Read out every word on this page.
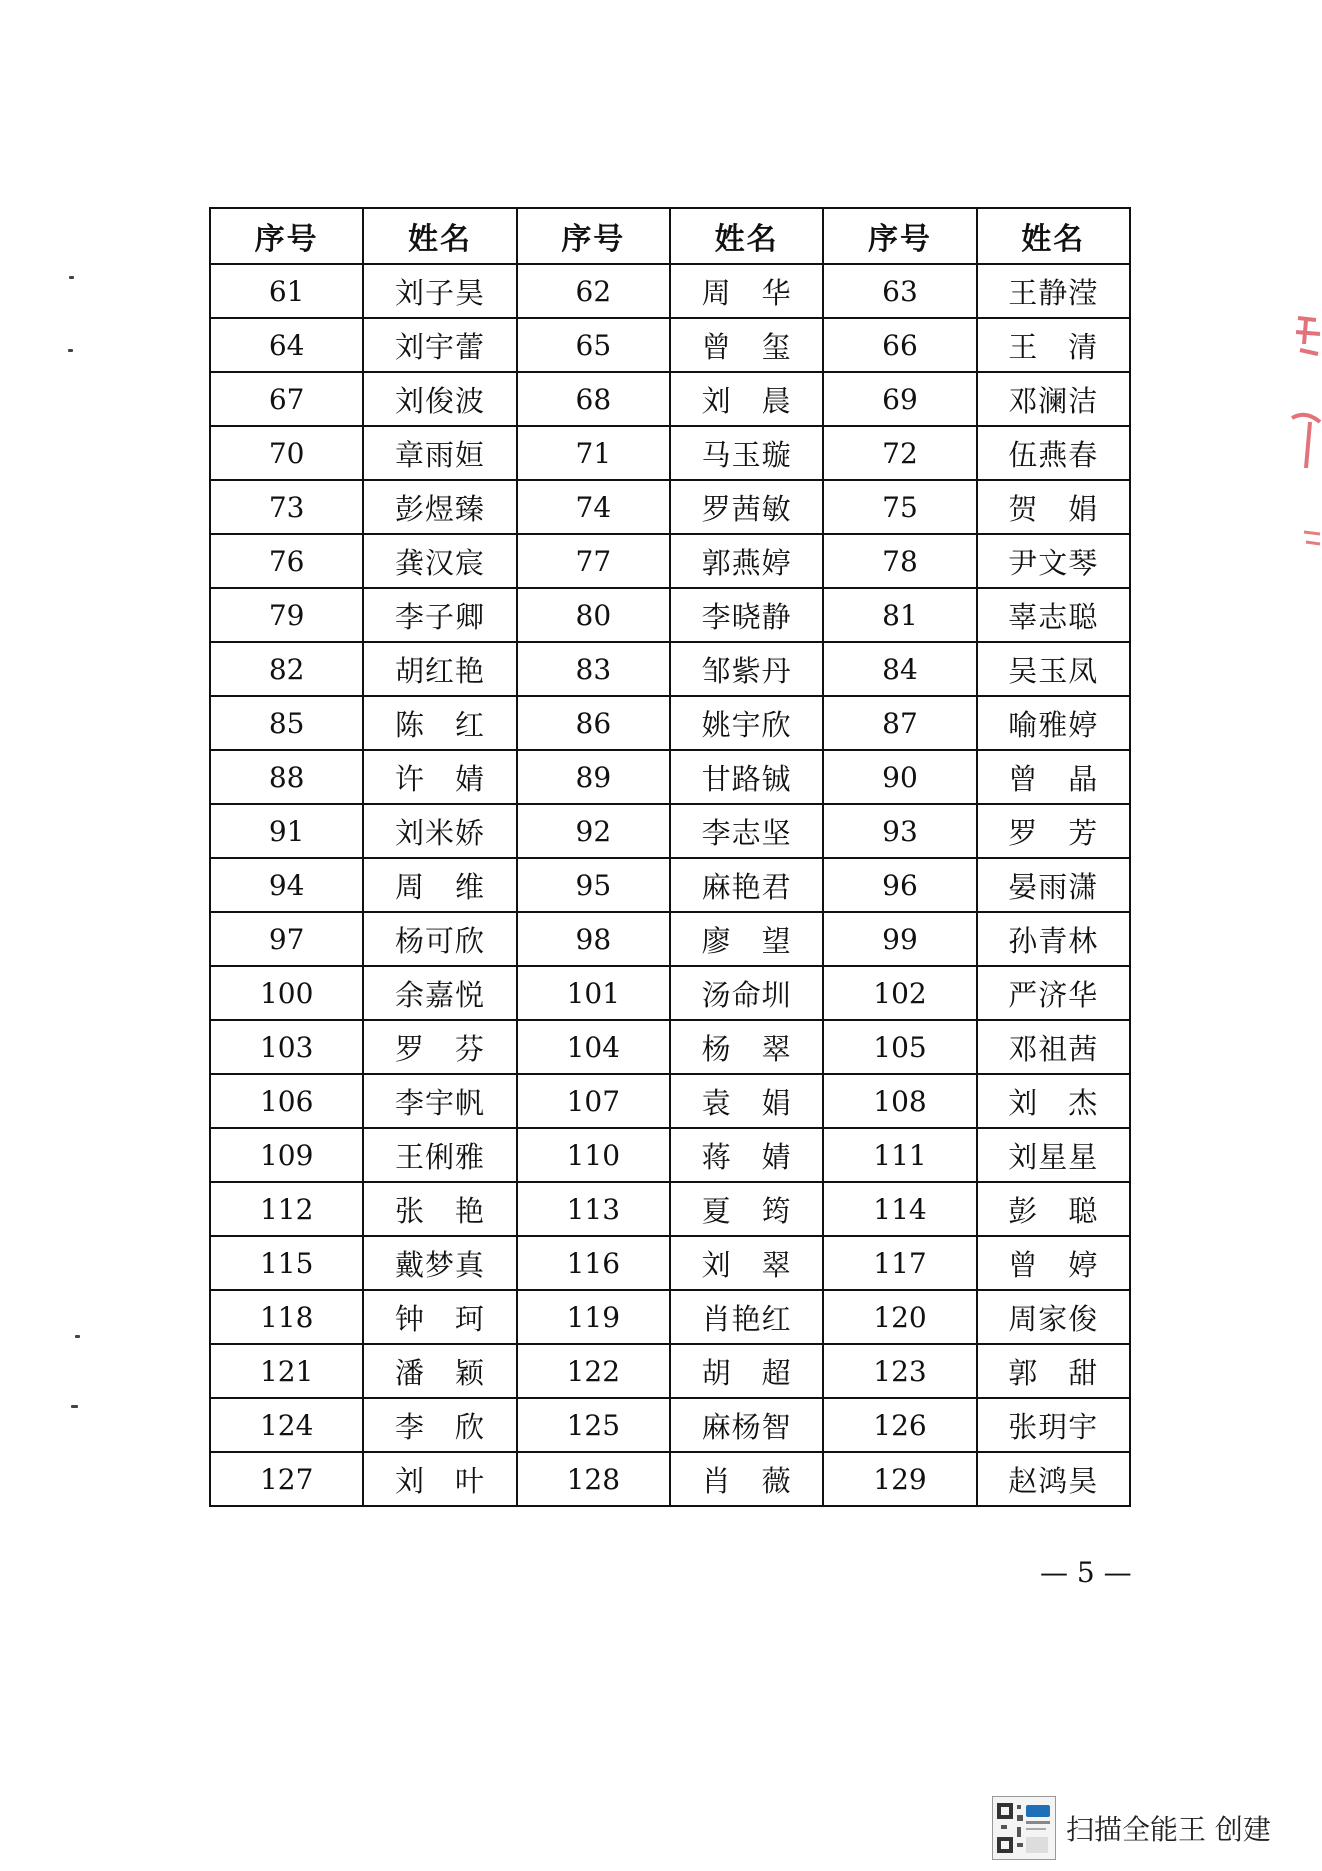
序号	姓名	序号	姓名	序号	姓名
61	刘子昊	62	周　华	63	王静滢
64	刘宇蕾	65	曾　玺	66	王　清
67	刘俊波	68	刘　晨	69	邓澜洁
70	章雨姮	71	马玉璇	72	伍燕春
73	彭煜臻	74	罗茜敏	75	贺　娟
76	龚汉宸	77	郭燕婷	78	尹文琴
79	李子卿	80	李晓静	81	辜志聪
82	胡红艳	83	邹紫丹	84	吴玉凤
85	陈　红	86	姚宇欣	87	喻雅婷
88	许　婧	89	甘路铖	90	曾　晶
91	刘米娇	92	李志坚	93	罗　芳
94	周　维	95	麻艳君	96	晏雨潇
97	杨可欣	98	廖　望	99	孙青林
100	余嘉悦	101	汤命圳	102	严济华
103	罗　芬	104	杨　翠	105	邓祖茜
106	李宇帆	107	袁　娟	108	刘　杰
109	王俐雅	110	蒋　婧	111	刘星星
112	张　艳	113	夏　筠	114	彭　聪
115	戴梦真	116	刘　翠	117	曾　婷
118	钟　珂	119	肖艳红	120	周家俊
121	潘　颖	122	胡　超	123	郭　甜
124	李　欣	125	麻杨智	126	张玥宇
127	刘　叶	128	肖　薇	129	赵鸿昊
— 5 —
扫描全能王 创建
